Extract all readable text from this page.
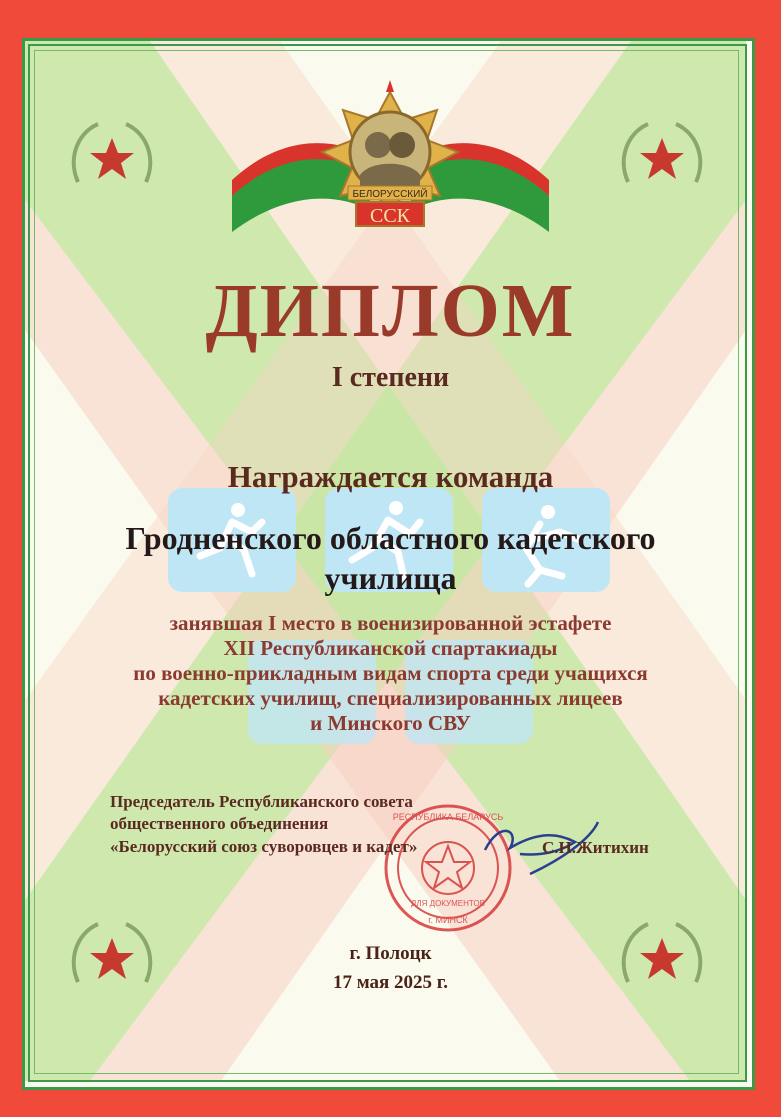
БЕЛОРУССКИЙ
ССК
РЕСПУБЛИКА БЕЛАРУСЬ
ДЛЯ ДОКУМЕНТОВ
г. МИНСК
ДИПЛОМ
I степени
Награждается команда
Гродненского областного кадетского
училища
занявшая I место в военизированной эстафете
XII Республиканской спартакиады
по военно-прикладным видам спорта среди учащихся
кадетских училищ, специализированных лицеев
и Минского СВУ
Председатель Республиканского совета
общественного объединения
«Белорусский союз суворовцев и кадет»	С.Н.Житихин
г. Полоцк
17 мая 2025 г.
